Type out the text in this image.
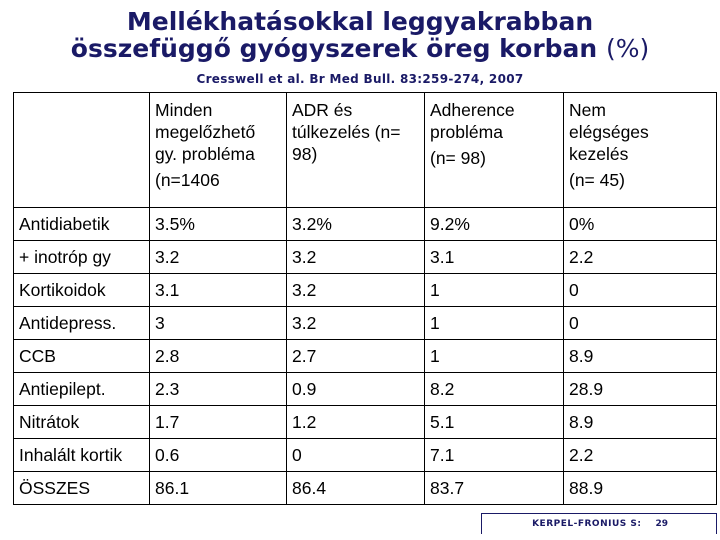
Mellékhatásokkal leggyakrabban
összefüggő gyógyszerek öreg korban (%)
Cresswell et al. Br Med Bull. 83:259-274, 2007

	Minden
megelőzhető
gy. probléma
(n=1406	ADR és
túlkezelés (n=
98)	Adherence
probléma
(n= 98)	Nem
elégséges
kezelés
(n= 45)

Antidiabetik	3.5%	3.2%	9.2%	0%
+ inotróp gy	3.2	3.2	3.1	2.2
Kortikoidok	3.1	3.2	1	0
Antidepress.	3	3.2	1	0
CCB	2.8	2.7	1	8.9
Antiepilept.	2.3	0.9	8.2	28.9
Nitrátok	1.7	1.2	5.1	8.9
Inhalált kortik	0.6	0	7.1	2.2
ÖSSZES	86.1	86.4	83.7	88.9
KERPEL-FRONIUS S: 29
